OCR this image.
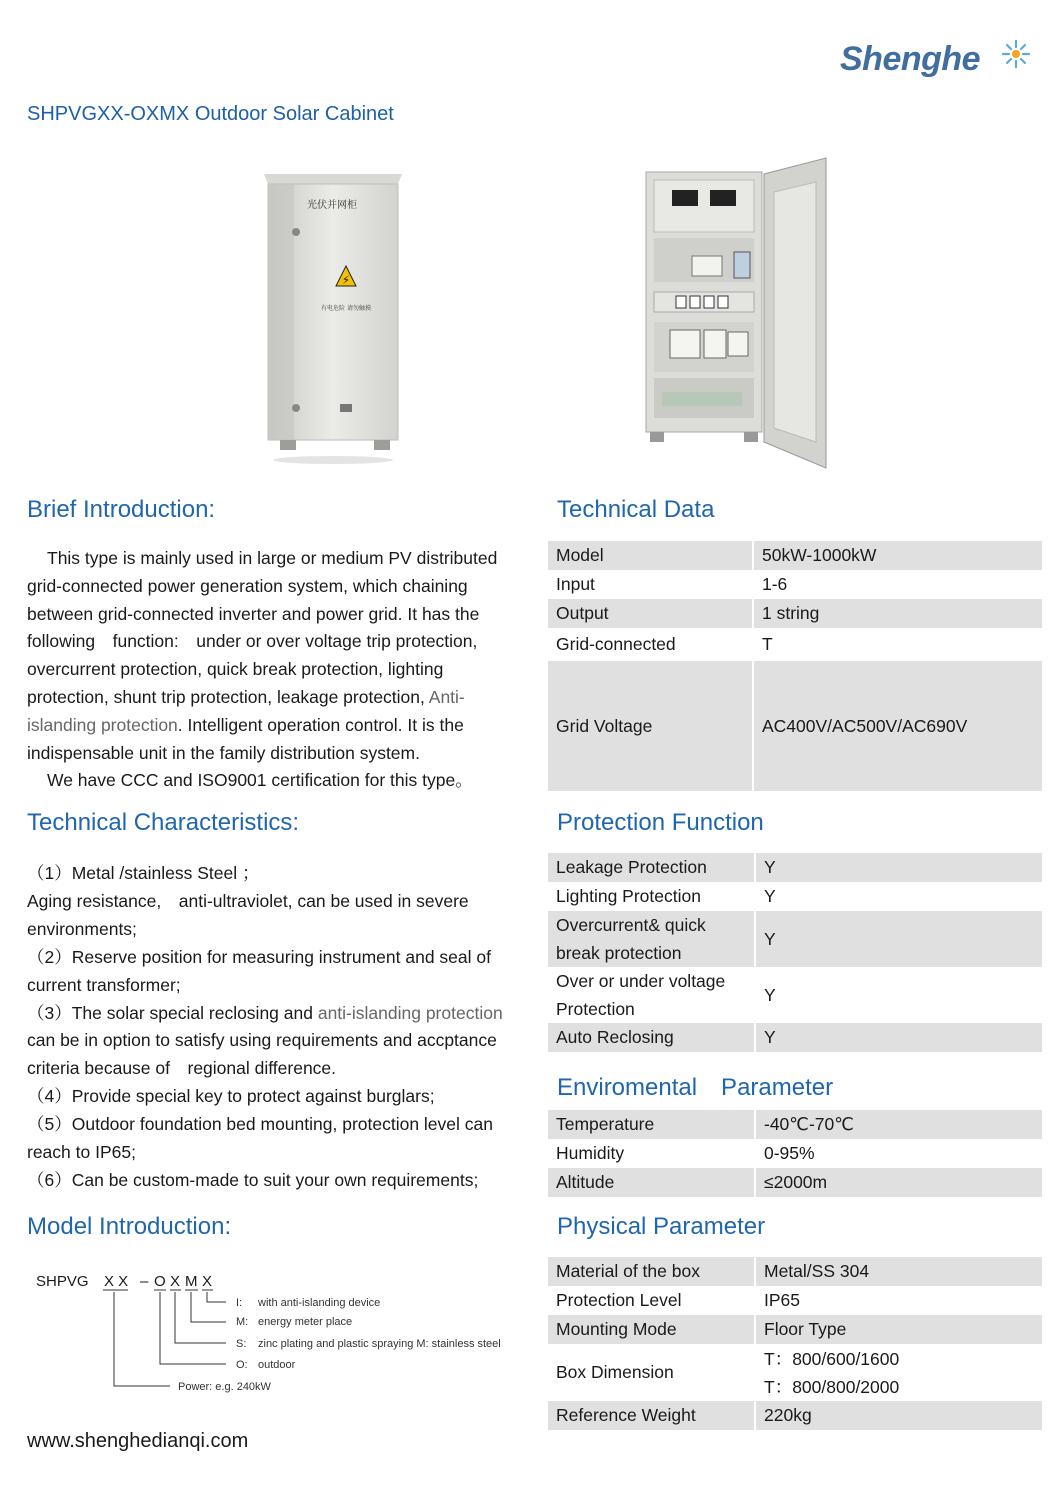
Shenghe
SHPVGXX-OXMX Outdoor Solar Cabinet
光伏并网柜
⚡
有电危险 请勿触摸
Brief Introduction:

This type is mainly used in large or medium PV distributed grid-connected power generation system, which chaining between grid-connected inverter and power grid. It has the following　function:　under or over voltage trip protection, overcurrent protection, quick break protection, lighting protection, shunt trip protection, leakage protection, Anti-islanding protection. Intelligent operation control. It is the indispensable unit in the family distribution system.

We have CCC and ISO9001 certification for this type。

Technical Characteristics:

（1）Metal /stainless Steel ；

Aging resistance,　anti-ultraviolet, can be used in severe environments;

（2）Reserve position for measuring instrument and seal of current transformer;

（3）The solar special reclosing and anti-islanding protection can be in option to satisfy using requirements and accptance criteria because of　regional difference.

（4）Provide special key to protect against burglars;

（5）Outdoor foundation bed mounting, protection level can reach to IP65;

（6）Can be custom-made to suit your own requirements;

Model Introduction:
SHPVG X X – O X M X
I: with anti-islanding device
M: energy meter place
S: zinc plating and plastic spraying M: stainless steel
O: outdoor
Power: e.g. 240kW
www.shenghedianqi.com
Technical Data
Model	50kW-1000kW
Input	1-6
Output	1 string
Grid-connected	T
Grid Voltage	AC400V/AC500V/AC690V
Protection Function
Leakage Protection	Y
Lighting Protection	Y
Overcurrent& quick break protection	Y
Over or under voltage Protection	Y
Auto Reclosing	Y
Enviromental　Parameter
Temperature	-40℃-70℃
Humidity	0-95%
Altitude	≤2000m
Physical Parameter
Material of the box	Metal/SS 304
Protection Level	IP65
Mounting Mode	Floor Type
Box Dimension	T：800/600/1600
T：800/800/2000

Reference Weight	220kg
